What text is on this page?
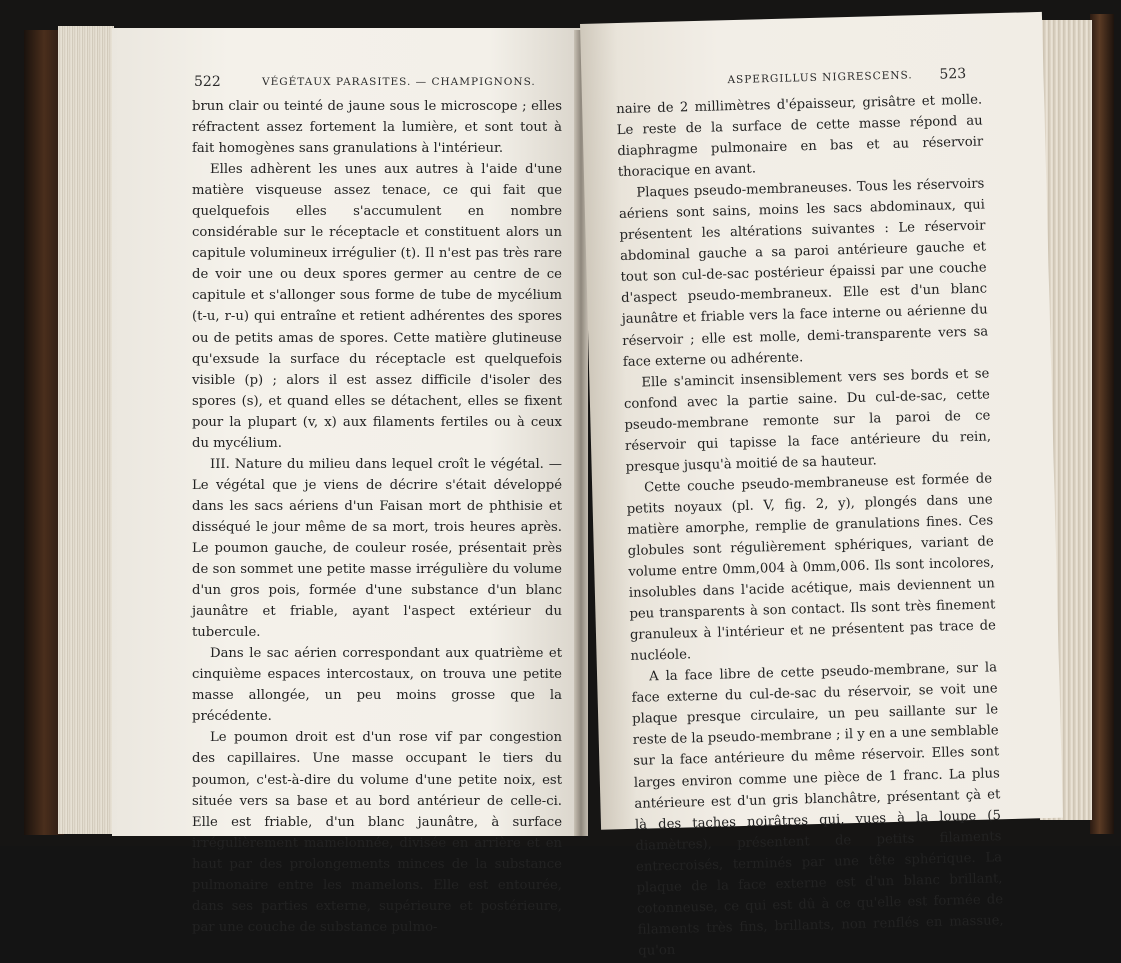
522	VÉGÉTAUX PARASITES. — CHAMPIGNONS.

brun clair ou teinté de jaune sous le microscope ; elles réfractent assez fortement la lumière, et sont tout à fait homogènes sans granulations à l'intérieur.

Elles adhèrent les unes aux autres à l'aide d'une matière visqueuse assez tenace, ce qui fait que quelquefois elles s'accumulent en nombre considérable sur le réceptacle et constituent alors un capitule volumineux irrégulier (t). Il n'est pas très rare de voir une ou deux spores germer au centre de ce capitule et s'allonger sous forme de tube de mycélium (t-u, r-u) qui entraîne et retient adhérentes des spores ou de petits amas de spores. Cette matière glutineuse qu'exsude la surface du réceptacle est quelquefois visible (p) ; alors il est assez difficile d'isoler des spores (s), et quand elles se détachent, elles se fixent pour la plupart (v, x) aux filaments fertiles ou à ceux du mycélium.

III. Nature du milieu dans lequel croît le végétal. — Le végétal que je viens de décrire s'était développé dans les sacs aériens d'un Faisan mort de phthisie et disséqué le jour même de sa mort, trois heures après. Le poumon gauche, de couleur rosée, présentait près de son sommet une petite masse irrégulière du volume d'un gros pois, formée d'une substance d'un blanc jaunâtre et friable, ayant l'aspect extérieur du tubercule.

Dans le sac aérien correspondant aux quatrième et cinquième espaces intercostaux, on trouva une petite masse allongée, un peu moins grosse que la précédente.

Le poumon droit est d'un rose vif par congestion des capillaires. Une masse occupant le tiers du poumon, c'est-à-dire du volume d'une petite noix, est située vers sa base et au bord antérieur de celle-ci. Elle est friable, d'un blanc jaunâtre, à surface irrégulièrement mamelonnée, divisée en arrière et en haut par des prolongements minces de la substance pulmonaire entre les mamelons. Elle est entourée, dans ses parties externe, supérieure et postérieure, par une couche de substance pulmo-

ASPERGILLUS NIGRESCENS. 523

naire de 2 millimètres d'épaisseur, grisâtre et molle. Le reste de la surface de cette masse répond au diaphragme pulmonaire en bas et au réservoir thoracique en avant.

Plaques pseudo-membraneuses. Tous les réservoirs aériens sont sains, moins les sacs abdominaux, qui présentent les altérations suivantes : Le réservoir abdominal gauche a sa paroi antérieure gauche et tout son cul-de-sac postérieur épaissi par une couche d'aspect pseudo-membraneux. Elle est d'un blanc jaunâtre et friable vers la face interne ou aérienne du réservoir ; elle est molle, demi-transparente vers sa face externe ou adhérente.

Elle s'amincit insensiblement vers ses bords et se confond avec la partie saine. Du cul-de-sac, cette pseudo-membrane remonte sur la paroi de ce réservoir qui tapisse la face antérieure du rein, presque jusqu'à moitié de sa hauteur.

Cette couche pseudo-membraneuse est formée de petits noyaux (pl. V, fig. 2, y), plongés dans une matière amorphe, remplie de granulations fines. Ces globules sont régulièrement sphériques, variant de volume entre 0mm,004 à 0mm,006. Ils sont incolores, insolubles dans l'acide acétique, mais deviennent un peu transparents à son contact. Ils sont très finement granuleux à l'intérieur et ne présentent pas trace de nucléole.

A la face libre de cette pseudo-membrane, sur la face externe du cul-de-sac du réservoir, se voit une plaque presque circulaire, un peu saillante sur le reste de la pseudo-membrane ; il y en a une semblable sur la face antérieure du même réservoir. Elles sont larges environ comme une pièce de 1 franc. La plus antérieure est d'un gris blanchâtre, présentant çà et là des taches noirâtres qui, vues à la loupe (5 diamètres), présentent de petits filaments entrecroisés, terminés par une tête sphérique. La plaque de la face externe est d'un blanc brillant, cotonneuse, ce qui est dû à ce qu'elle est formée de filaments très fins, brillants, non renflés en massue, qu'on
